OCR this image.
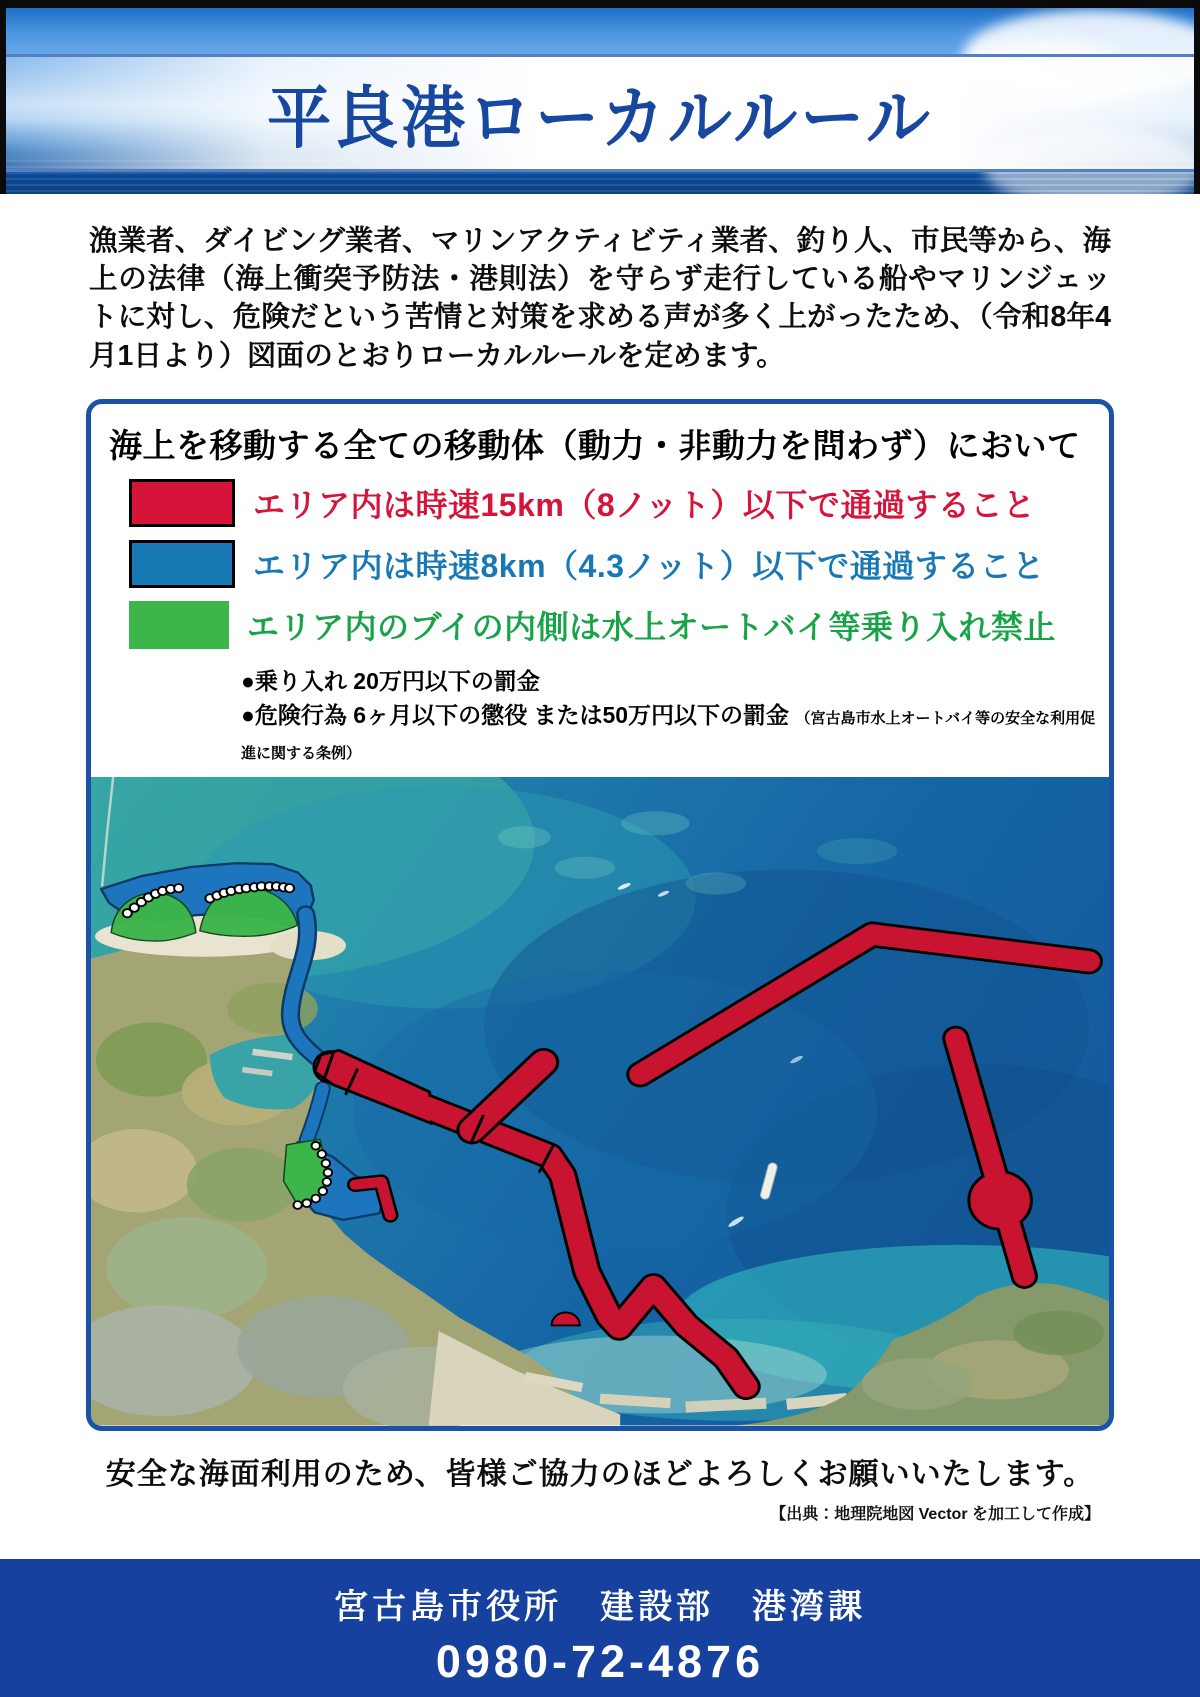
平良港ローカルルール

漁業者、ダイビング業者、マリンアクティビティ業者、釣り人、市民等から、海上の法律（海上衝突予防法・港則法）を守らず走行している船やマリンジェットに対し、危険だという苦情と対策を求める声が多く上がったため、（令和8年4月1日より）図面のとおりローカルルールを定めます。

海上を移動する全ての移動体（動力・非動力を問わず）において
エリア内は時速15km（8ノット）以下で通過すること
エリア内は時速8km（4.3ノット）以下で通過すること
エリア内のブイの内側は水上オートバイ等乗り入れ禁止
●乗り入れ 20万円以下の罰金
●危険行為 6ヶ月以下の懲役 または50万円以下の罰金 （宮古島市水上オートバイ等の安全な利用促進に関する条例）
安全な海面利用のため、皆様ご協力のほどよろしくお願いいたします。
【出典：地理院地図 Vector を加工して作成】
宮古島市役所　建設部　港湾課
0980-72-4876
